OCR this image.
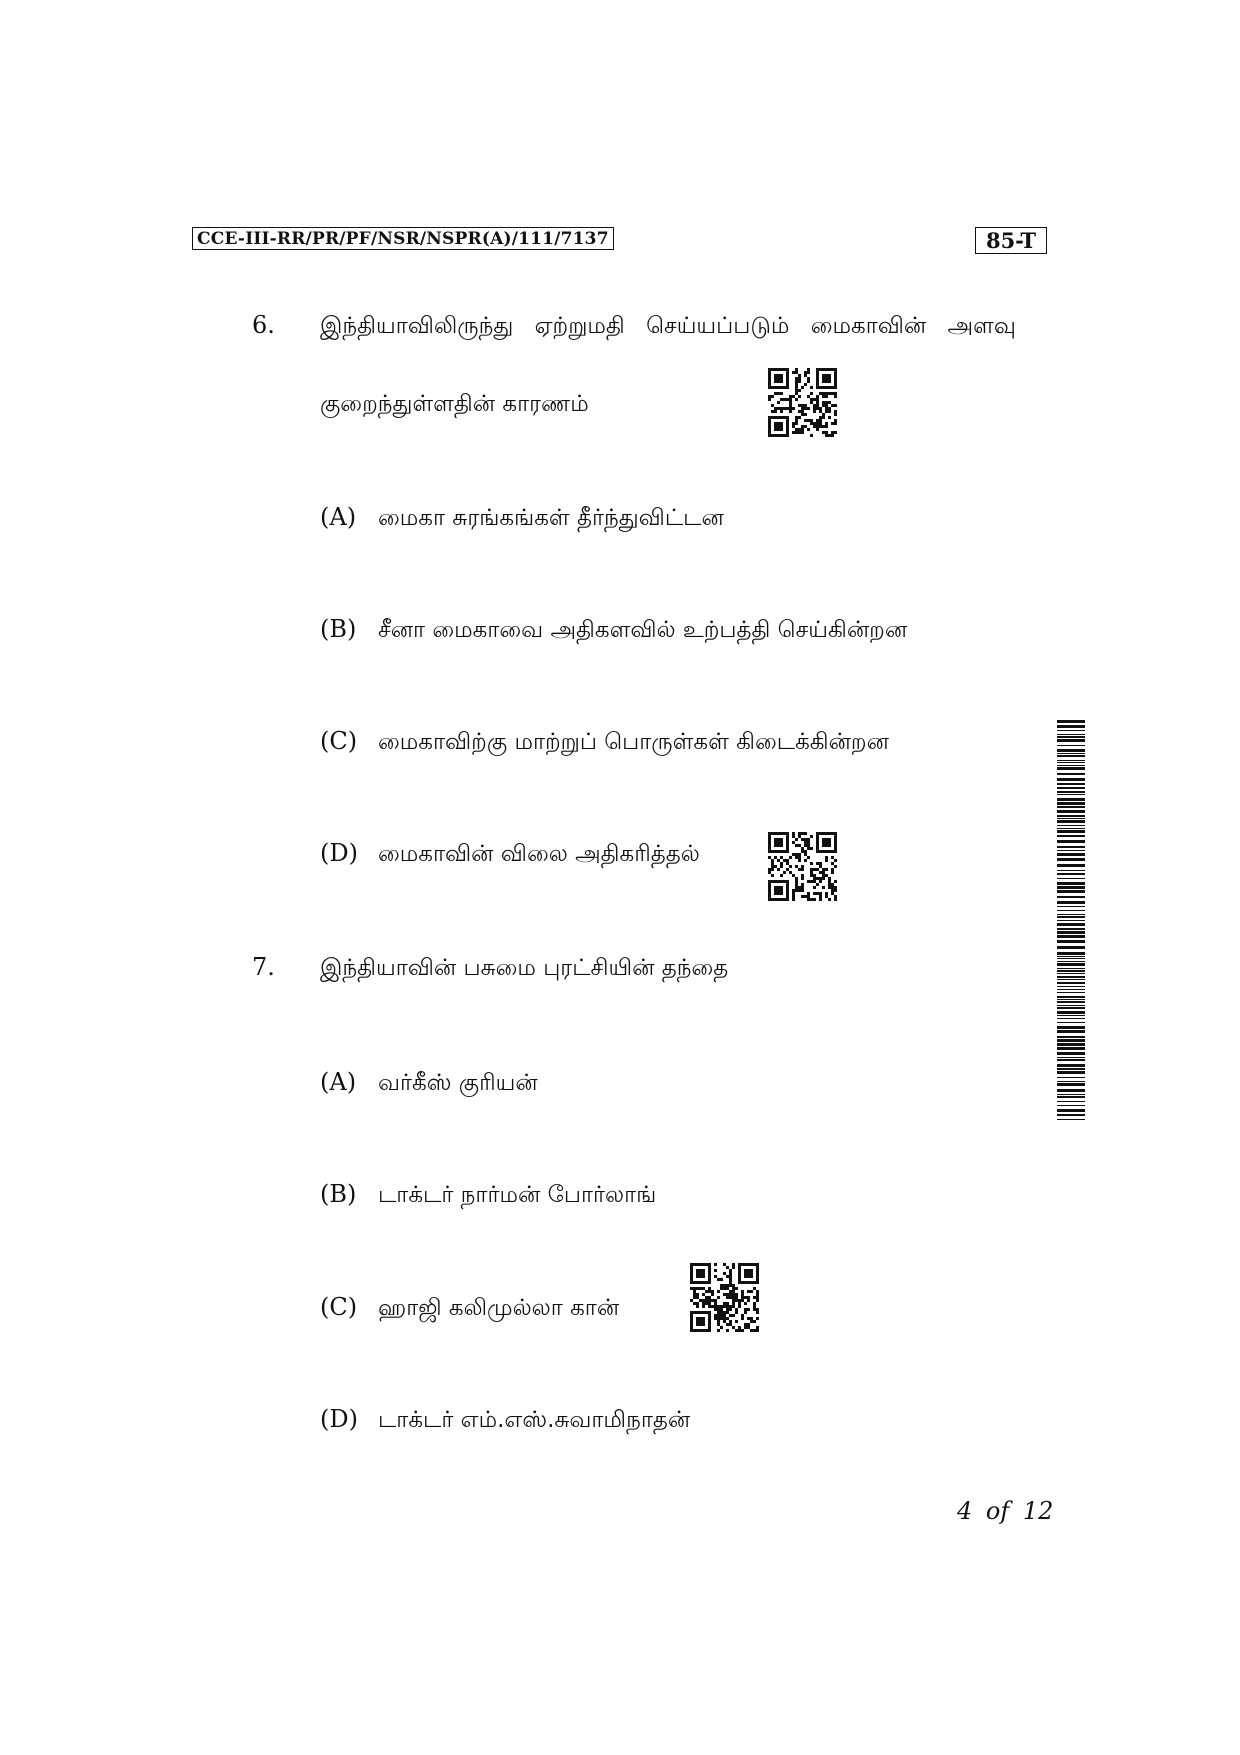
CCE-III-RR/PR/PF/NSR/NSPR(A)/111/7137	85-T
6. இந்தியாவிலிருந்து ஏற்றுமதி செய்யப்படும் மைகாவின் அளவு
குறைந்துள்ளதின் காரணம்
(A) மைகா சுரங்கங்கள் தீர்ந்துவிட்டன
(B) சீனா மைகாவை அதிகளவில் உற்பத்தி செய்கின்றன
(C) மைகாவிற்கு மாற்றுப் பொருள்கள் கிடைக்கின்றன
(D) மைகாவின் விலை அதிகரித்தல்
7. இந்தியாவின் பசுமை புரட்சியின் தந்தை
(A) வர்கீஸ் குரியன்
(B) டாக்டர் நார்மன் போர்லாங்
(C) ஹாஜி கலிமுல்லா கான்
(D) டாக்டர் எம்.எஸ்.சுவாமிநாதன்
4 of 12
